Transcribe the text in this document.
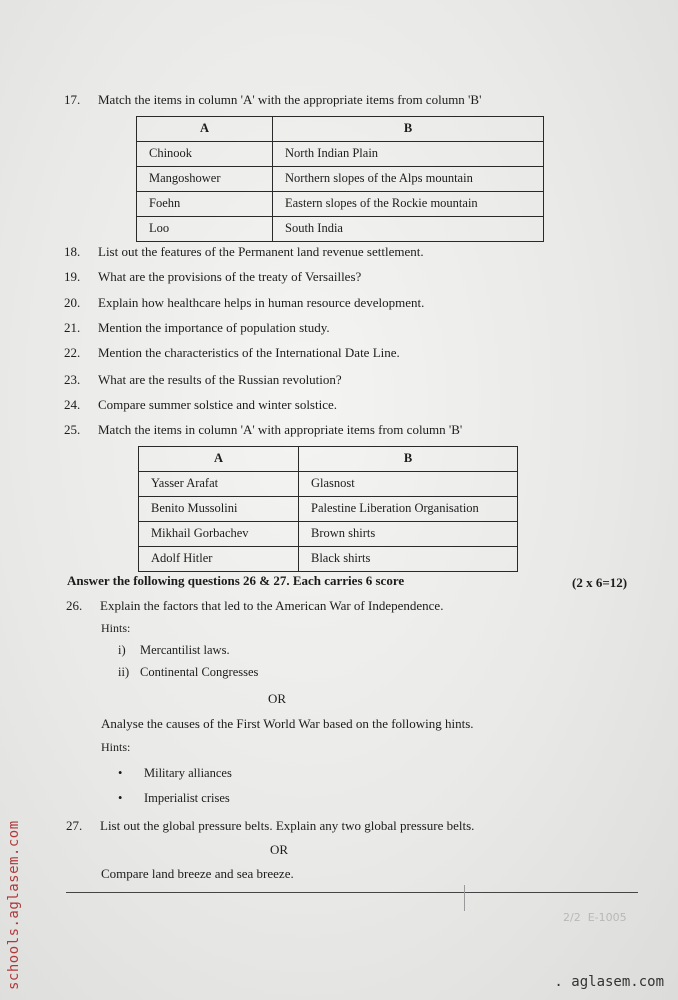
17. Match the items in column 'A' with the appropriate items from column 'B'
A	B
Chinook	North Indian Plain
Mangoshower	Northern slopes of the Alps mountain
Foehn	Eastern slopes of the Rockie mountain
Loo	South India
18. List out the features of the Permanent land revenue settlement.
19. What are the provisions of the treaty of Versailles?
20. Explain how healthcare helps in human resource development.
21. Mention the importance of population study.
22. Mention the characteristics of the International Date Line.
23. What are the results of the Russian revolution?
24. Compare summer solstice and winter solstice.
25. Match the items in column 'A' with appropriate items from column 'B'
A	B
Yasser Arafat	Glasnost
Benito Mussolini	Palestine Liberation Organisation
Mikhail Gorbachev	Brown shirts
Adolf Hitler	Black shirts
Answer the following questions 26 & 27. Each carries 6 score	(2 x 6=12)
26. Explain the factors that led to the American War of Independence.
Hints:
i) Mercantilist laws.
ii) Continental Congresses
OR
Analyse the causes of the First World War based on the following hints.
Hints:
• Military alliances
• Imperialist crises
27. List out the global pressure belts. Explain any two global pressure belts.
OR
Compare land breeze and sea breeze.
2/2 E-1005
schools.aglasem.com	. aglasem.com
